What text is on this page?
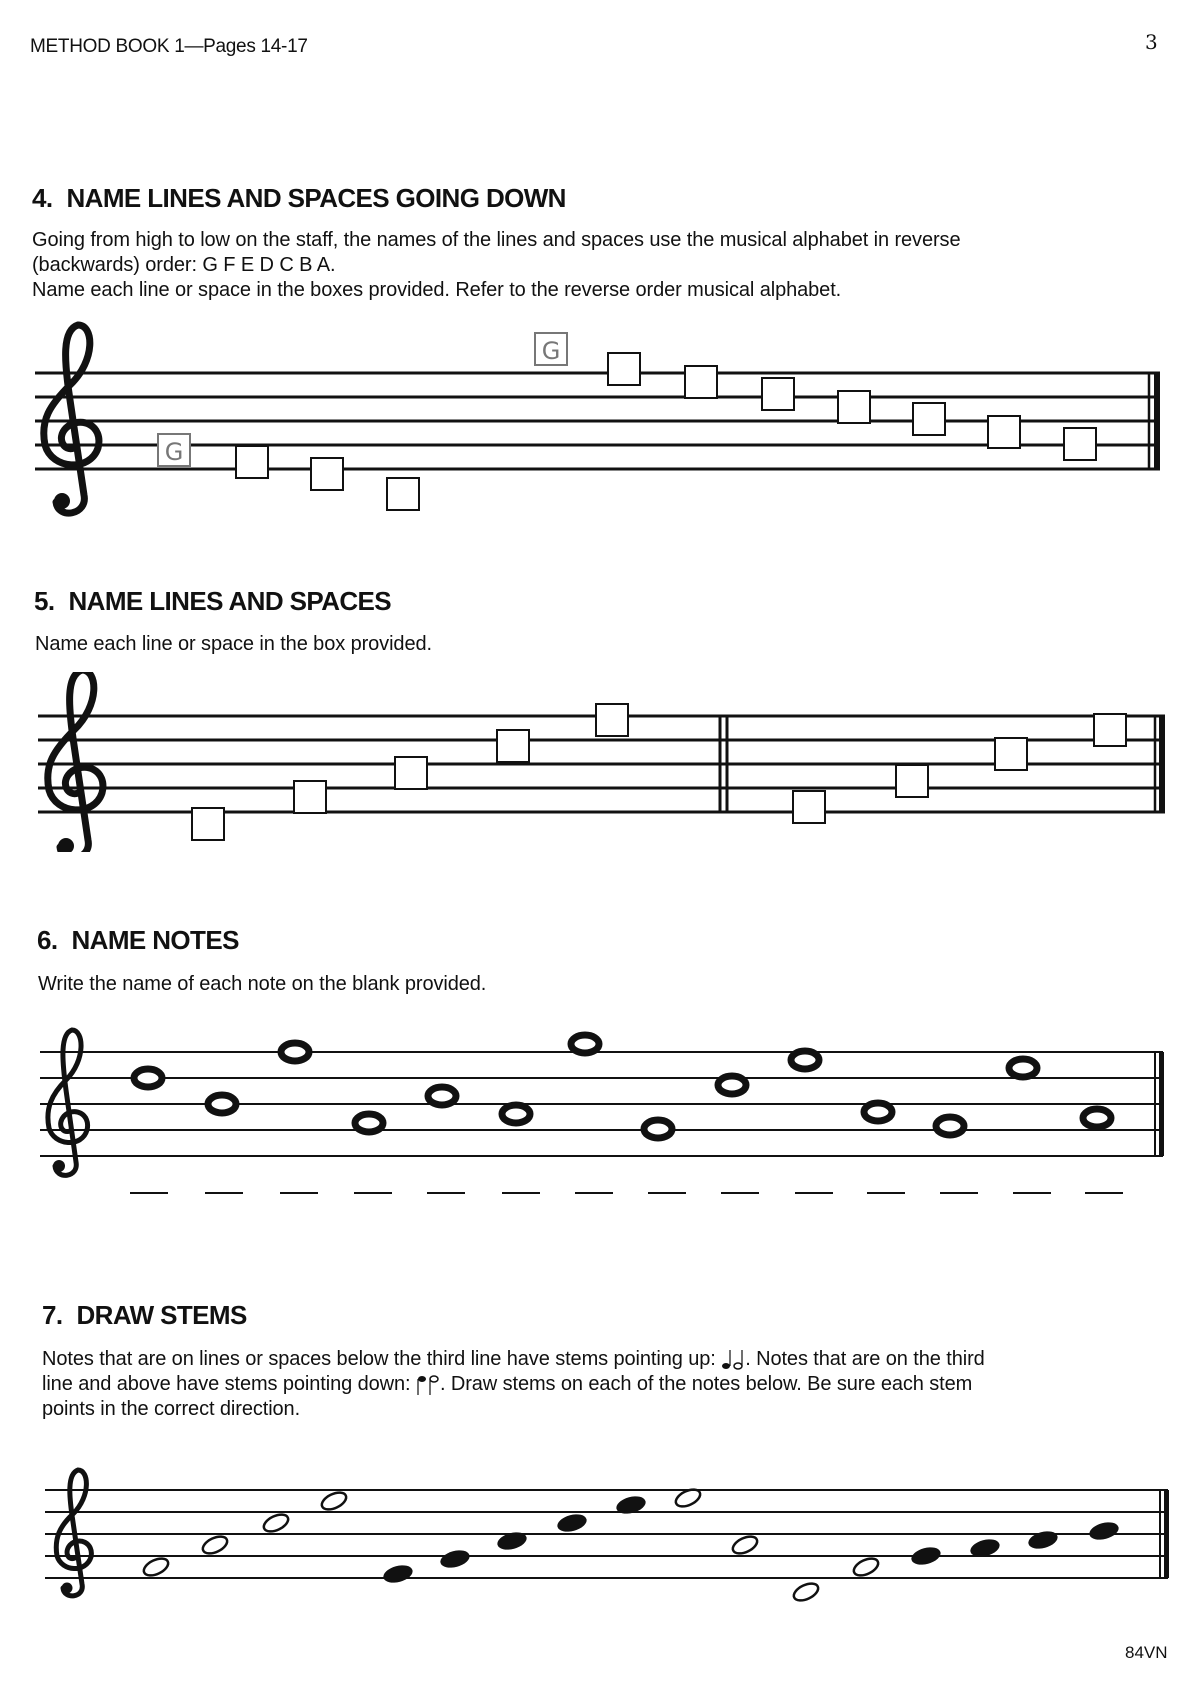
METHOD BOOK 1—Pages 14-17	3
4. NAME LINES AND SPACES GOING DOWN
Going from high to low on the staff, the names of the lines and spaces use the musical alphabet in reverse
(backwards) order: G F E D C B A.
Name each line or space in the boxes provided. Refer to the reverse order musical alphabet.
G
G
5. NAME LINES AND SPACES
Name each line or space in the box provided.
6. NAME NOTES
Write the name of each note on the blank provided.
7. DRAW STEMS
Notes that are on lines or spaces below the third line have stems pointing up: . Notes that are on the third
line and above have stems pointing down: . Draw stems on each of the notes below. Be sure each stem
points in the correct direction.
84VN
